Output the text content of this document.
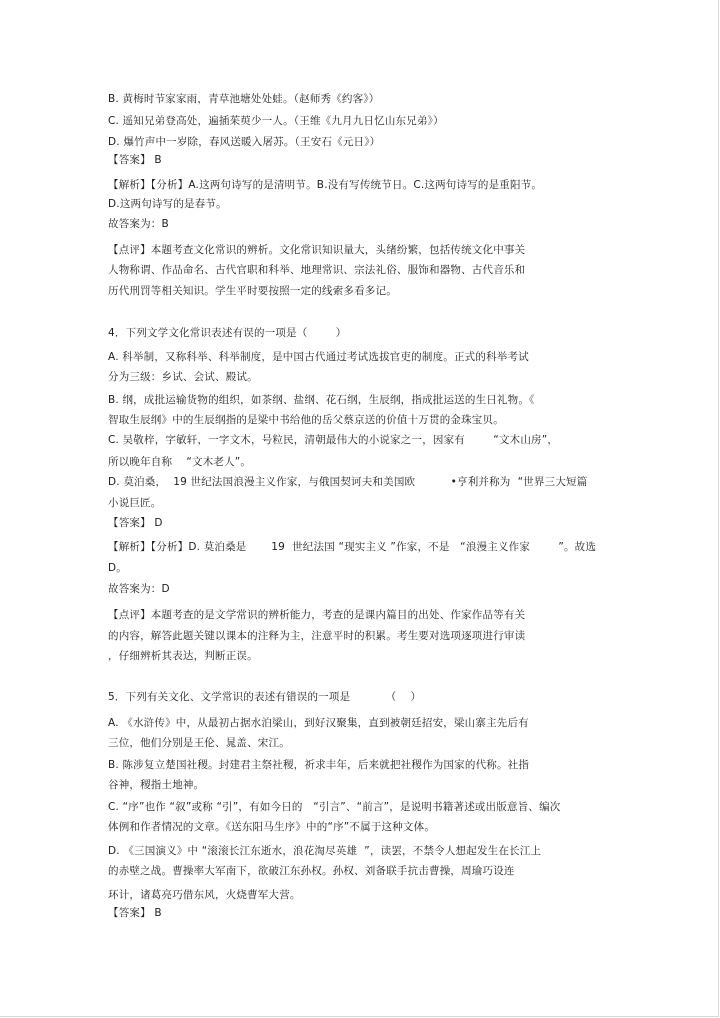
B. 黄梅时节家家雨，青草池塘处处蛙。（赵师秀《约客》）
C. 遥知兄弟登高处，遍插茱萸少一人。（王维《九月九日忆山东兄弟》）
D. 爆竹声中一岁除，春风送暖入屠苏。（王安石《元日》）
【答案】 B
【解析】【分析】A.这两句诗写的是清明节。B.没有写传统节日。C.这两句诗写的是重阳节。
D.这两句诗写的是春节。
故答案为：B
【点评】本题考查文化常识的辨析。文化常识知识量大，头绪纷繁，包括传统文化中事关
人物称谓、作品命名、古代官职和科举、地理常识、宗法礼俗、服饰和器物、古代音乐和
历代刑罚等相关知识。学生平时要按照一定的线索多看多记。
4．下列文学文化常识表述有误的一项是（        ）
A. 科举制，又称科举、科举制度，是中国古代通过考试选拔官吏的制度。正式的科举考试
分为三级：乡试、会试、殿试。
B. 纲，成批运输货物的组织，如茶纲、盐纲、花石纲，生辰纲，指成批运送的生日礼物。《
智取生辰纲》中的生辰纲指的是梁中书给他的岳父蔡京送的价值十万贯的金珠宝贝。
C. 吴敬梓，字敏轩，一字文木，号粒民，清朝最伟大的小说家之一，因家有        “文木山房”，
所以晚年自称    “文木老人”。
D. 莫泊桑，  19 世纪法国浪漫主义作家，与俄国契诃夫和美国欧          •亨利并称为  “世界三大短篇
小说巨匠。
【答案】 D
【解析】【分析】D. 莫泊桑是       19  世纪法国 “现实主义 ”作家，不是   “浪漫主义作家        ”。故选
D。
故答案为：D
【点评】本题考查的是文学常识的辨析能力，考查的是课内篇目的出处、作家作品等有关
的内容，解答此题关键以课本的注释为主，注意平时的积累。考生要对选项逐项进行审读
，仔细辨析其表达，判断正误。
5．下列有关文化、文学常识的表述有错误的一项是          （    ）
A. 《水浒传》中，从最初占据水泊梁山，到好汉聚集，直到被朝廷招安，梁山寨主先后有
三位，他们分别是王伦、晁盖、宋江。
B. 陈涉复立楚国社稷。封建君主祭社稷，祈求丰年，后来就把社稷作为国家的代称。社指
谷神，稷指土地神。
C. “序”也作 “叙”或称 “引”，有如今日的   “引言”、“前言”，是说明书籍著述或出版意旨、编次
体例和作者情况的文章。《送东阳马生序》中的“序”不属于这种文体。
D. 《三国演义》中 “滚滚长江东逝水，浪花淘尽英雄  ”，读罢，不禁令人想起发生在长江上
的赤壁之战。曹操率大军南下，欲破江东孙权。孙权、刘备联手抗击曹操，周瑜巧设连
环计，诸葛亮巧借东风，火烧曹军大营。
【答案】 B
